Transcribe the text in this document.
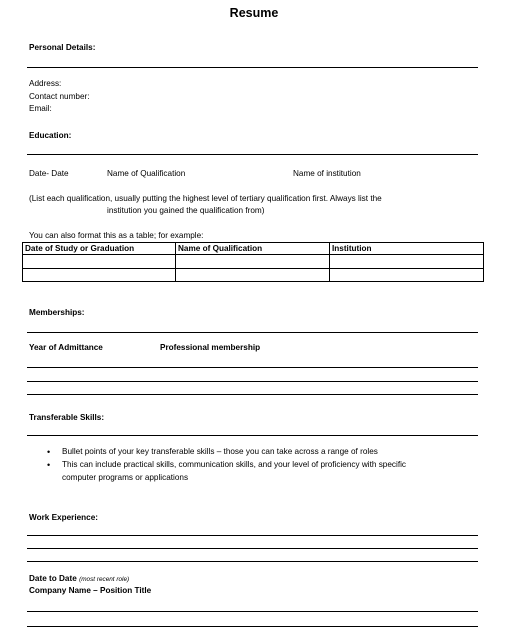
Resume
Personal Details:
Address:
Contact number:
Email:
Education:
Date- Date	Name of Qualification	Name of institution
(List each qualification, usually putting the highest level of tertiary qualification first. Always list the
institution you gained the qualification from)
You can also format this as a table; for example:
Date of Study or Graduation	Name of Qualification	Institution

Memberships:
Year of Admittance	Professional membership
Transferable Skills:
• Bullet points of your key transferable skills – those you can take across a range of roles
• This can include practical skills, communication skills, and your level of proficiency with specific
computer programs or applications
Work Experience:
Date to Date (most recent role)
Company Name – Position Title
